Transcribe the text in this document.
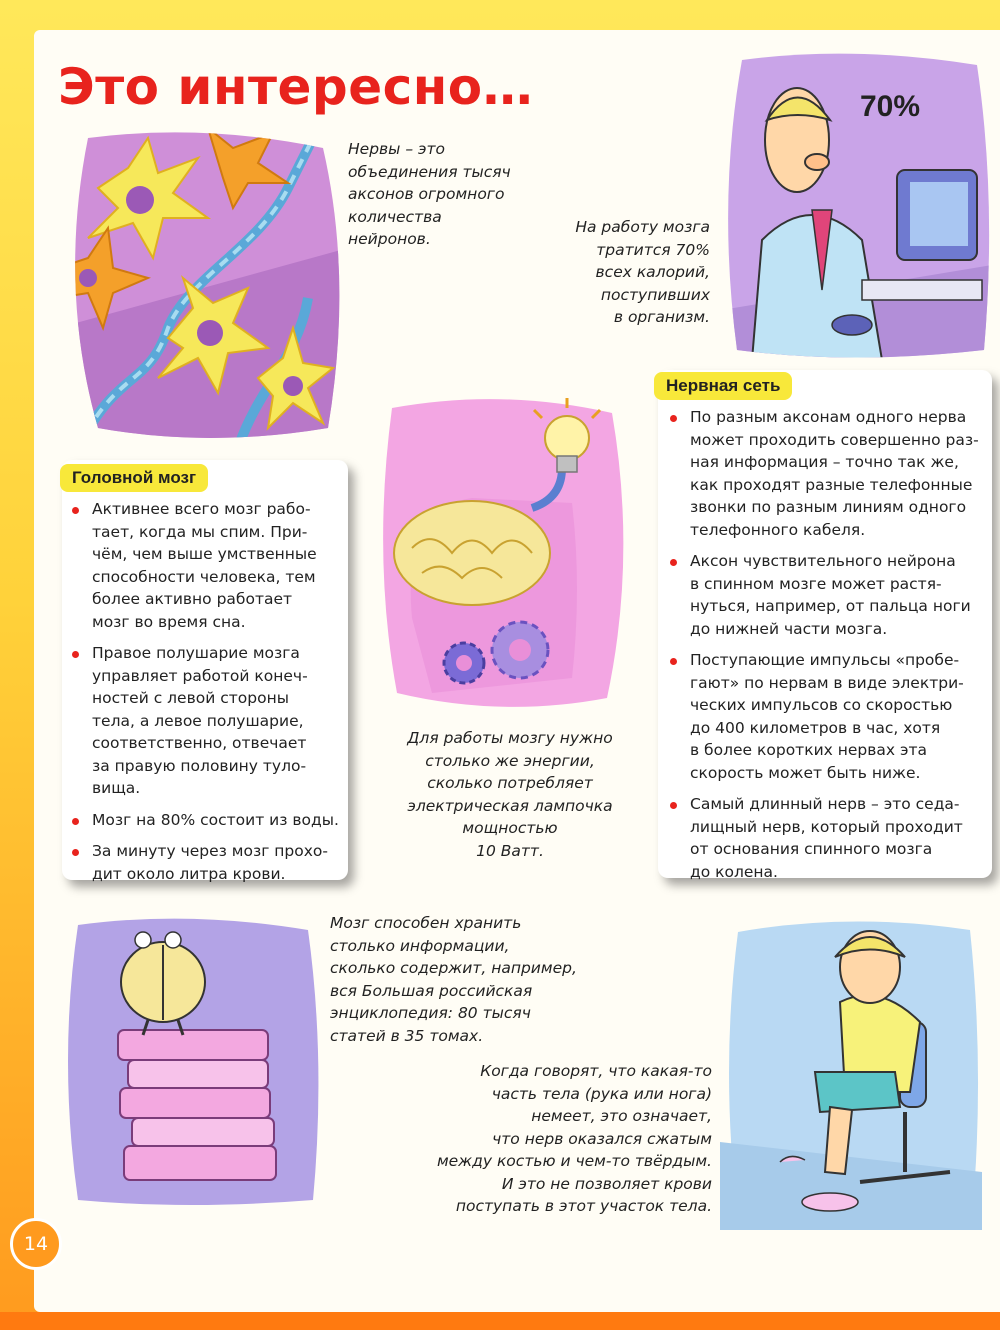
Это интересно…

Нервы – это
объединения тысяч
аксонов огромного
количества
нейронов.

70%

На работу мозга
тратится 70%
всех калорий,
поступивших
в организм.

Активнее всего мозг рабо-
тает, когда мы спим. При-
чём, чем выше умственные
способности человека, тем
более активно работает
мозг во время сна.
Правое полушарие мозга
управляет работой конеч-
ностей с левой стороны
тела, а левое полушарие,
соответственно, отвечает
за правую половину туло-
вища.
Мозг на 80% состоит из воды.
За минуту через мозг прохо-
дит около литра крови.
Головной мозг

Для работы мозгу нужно
столько же энергии,
сколько потребляет
электрическая лампочка
мощностью
10 Ватт.

По разным аксонам одного нерва
может проходить совершенно раз-
ная информация – точно так же,
как проходят разные телефонные
звонки по разным линиям одного
телефонного кабеля.
Аксон чувствительного нейрона
в спинном мозге может растя-
нуться, например, от пальца ноги
до нижней части мозга.
Поступающие импульсы «пробе-
гают» по нервам в виде электри-
ческих импульсов со скоростью
до 400 километров в час, хотя
в более коротких нервах эта
скорость может быть ниже.
Самый длинный нерв – это седа-
лищный нерв, который проходит
от основания спинного мозга
до колена.
Нервная сеть

Мозг способен хранить
столько информации,
сколько содержит, например,
вся Большая российская
энциклопедия: 80 тысяч
статей в 35 томах.

Когда говорят, что какая-то
часть тела (рука или нога)
немеет, это означает,
что нерв оказался сжатым
между костью и чем-то твёрдым.
И это не позволяет крови
поступать в этот участок тела.

14
